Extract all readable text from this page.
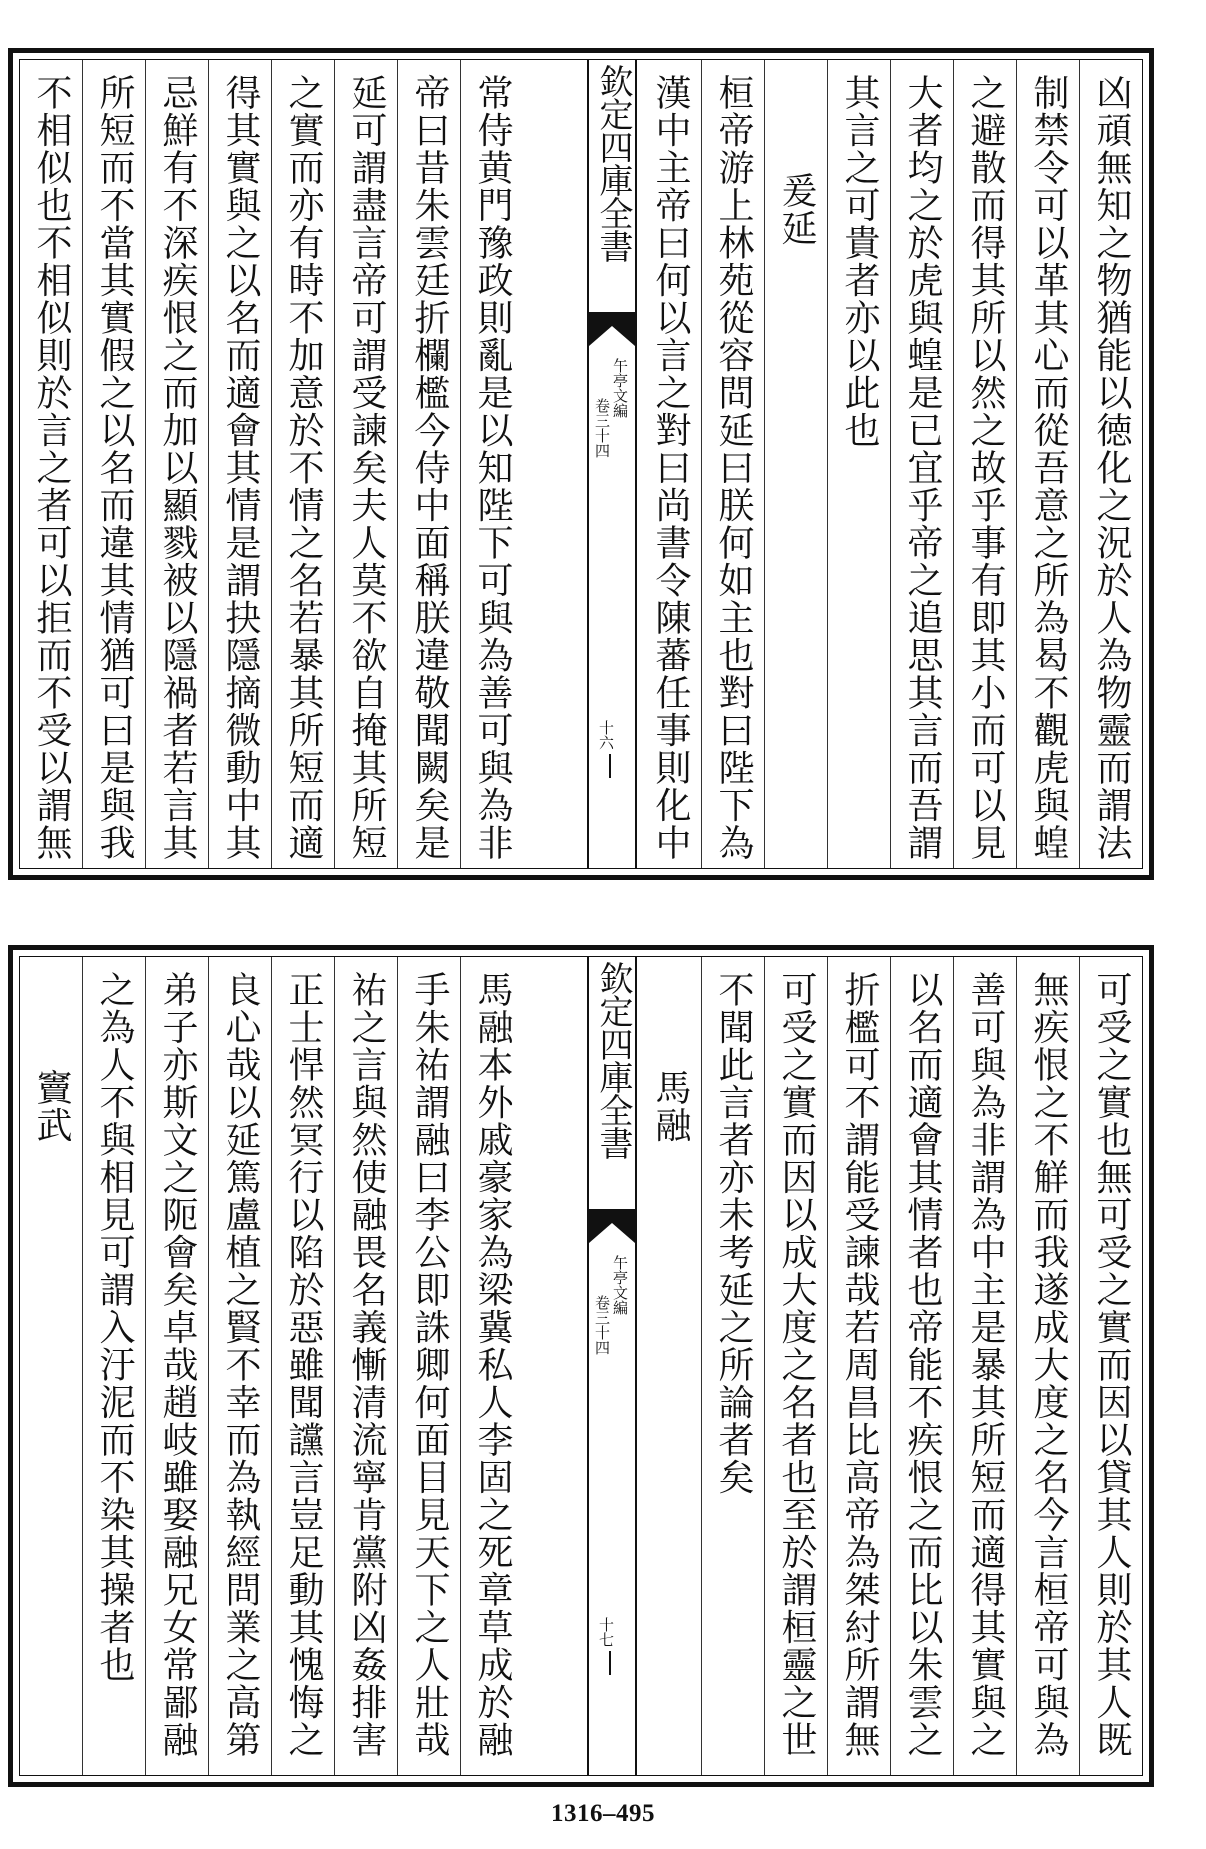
凶頑無知之物猶能以徳化之況於人為物靈而謂法
制禁令可以革其心而從吾意之所為曷不觀虎與蝗
之避散而得其所以然之故乎事有即其小而可以見
大者均之於虎與蝗是已宜乎帝之追思其言而吾謂
其言之可貴者亦以此也
爰延
桓帝游上林苑從容問延曰朕何如主也對曰陛下為
漢中主帝曰何以言之對曰尚書令陳蕃任事則化中
欽定四庫全書
午亭文編
卷三十四
十六
常侍黄門豫政則亂是以知陛下可與為善可與為非
帝曰昔朱雲廷折欄檻今侍中面稱朕違敬聞闕矣是
延可謂盡言帝可謂受諫矣夫人莫不欲自掩其所短
之實而亦有時不加意於不情之名若暴其所短而適
得其實與之以名而適會其情是謂抉隱摘微動中其
忌鮮有不深疾恨之而加以顯戮被以隱禍者若言其
所短而不當其實假之以名而違其情猶可曰是與我
不相似也不相似則於言之者可以拒而不受以謂無
可受之實也無可受之實而因以貸其人則於其人既
無疾恨之不觧而我遂成大度之名今言桓帝可與為
善可與為非謂為中主是暴其所短而適得其實與之
以名而適會其情者也帝能不疾恨之而比以朱雲之
折檻可不謂能受諫哉若周昌比高帝為桀紂所謂無
可受之實而因以成大度之名者也至於謂桓靈之世
不聞此言者亦未考延之所論者矣
馬融
欽定四庫全書
午亭文編
卷三十四
十七
馬融本外戚豪家為梁冀私人李固之死章草成於融
手朱祐謂融曰李公即誅卿何面目見天下之人壯哉
祐之言與然使融畏名義慚清流寧肯黨附凶姦排害
正士悍然冥行以陷於惡雖聞讜言豈足動其愧悔之
良心哉以延篤盧植之賢不幸而為執經問業之高第
弟子亦斯文之阨會矣卓哉趙岐雖娶融兄女常鄙融
之為人不與相見可謂入汙泥而不染其操者也
竇武
1316–495
